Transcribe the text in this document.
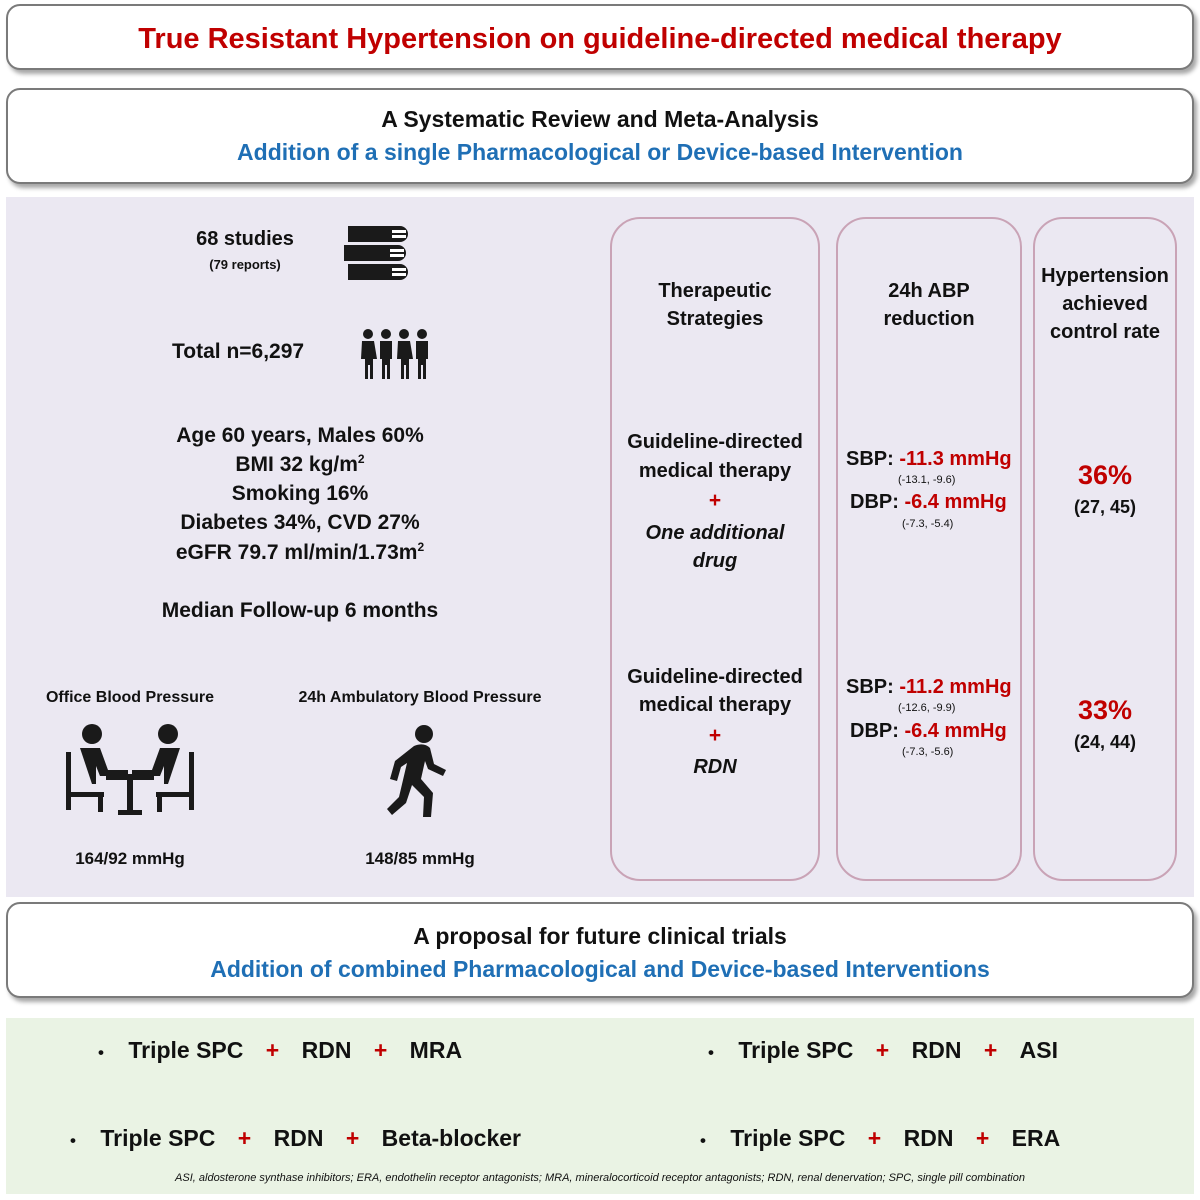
True Resistant Hypertension on guideline-directed medical therapy
A Systematic Review and Meta-Analysis
Addition of a single Pharmacological or Device-based Intervention
68 studies
(79 reports)
Total n=6,297
Age 60 years, Males 60%
BMI 32 $kg/m^2$
Smoking 16%
Diabetes 34%, CVD 27%
eGFR 79.7 $ml/\min/1.73m^2$
Median Follow-up 6 months
Office Blood Pressure
164/92 mmHg
24h Ambulatory Blood Pressure
148/85 mmHg
Therapeutic
Strategies
24h ABP
reduction
Hypertension
achieved
control rate
Guideline-directed
medical therapy
+
One additional
drug
SBP: -11.3 mmHg
(-13.1, -9.6)
DBP: -6.4 mmHg
(-7.3, -5.4)
36%
(27, 45)
Guideline-directed
medical therapy
+
RDN
SBP: -11.2 mmHg
(-12.6, -9.9)
DBP: -6.4 mmHg
(-7.3, -5.6)
33%
(24, 44)
A proposal for future clinical trials
Addition of combined Pharmacological and Device-based Interventions
• Triple SPC + RDN + MRA	• Triple SPC + RDN + ASI
• Triple SPC + RDN + Beta-blocker	• Triple SPC + RDN + ERA
ASI, aldosterone synthase inhibitors; ERA, endothelin receptor antagonists; MRA, mineralocorticoid receptor antagonists; RDN, renal denervation; SPC, single pill combination
